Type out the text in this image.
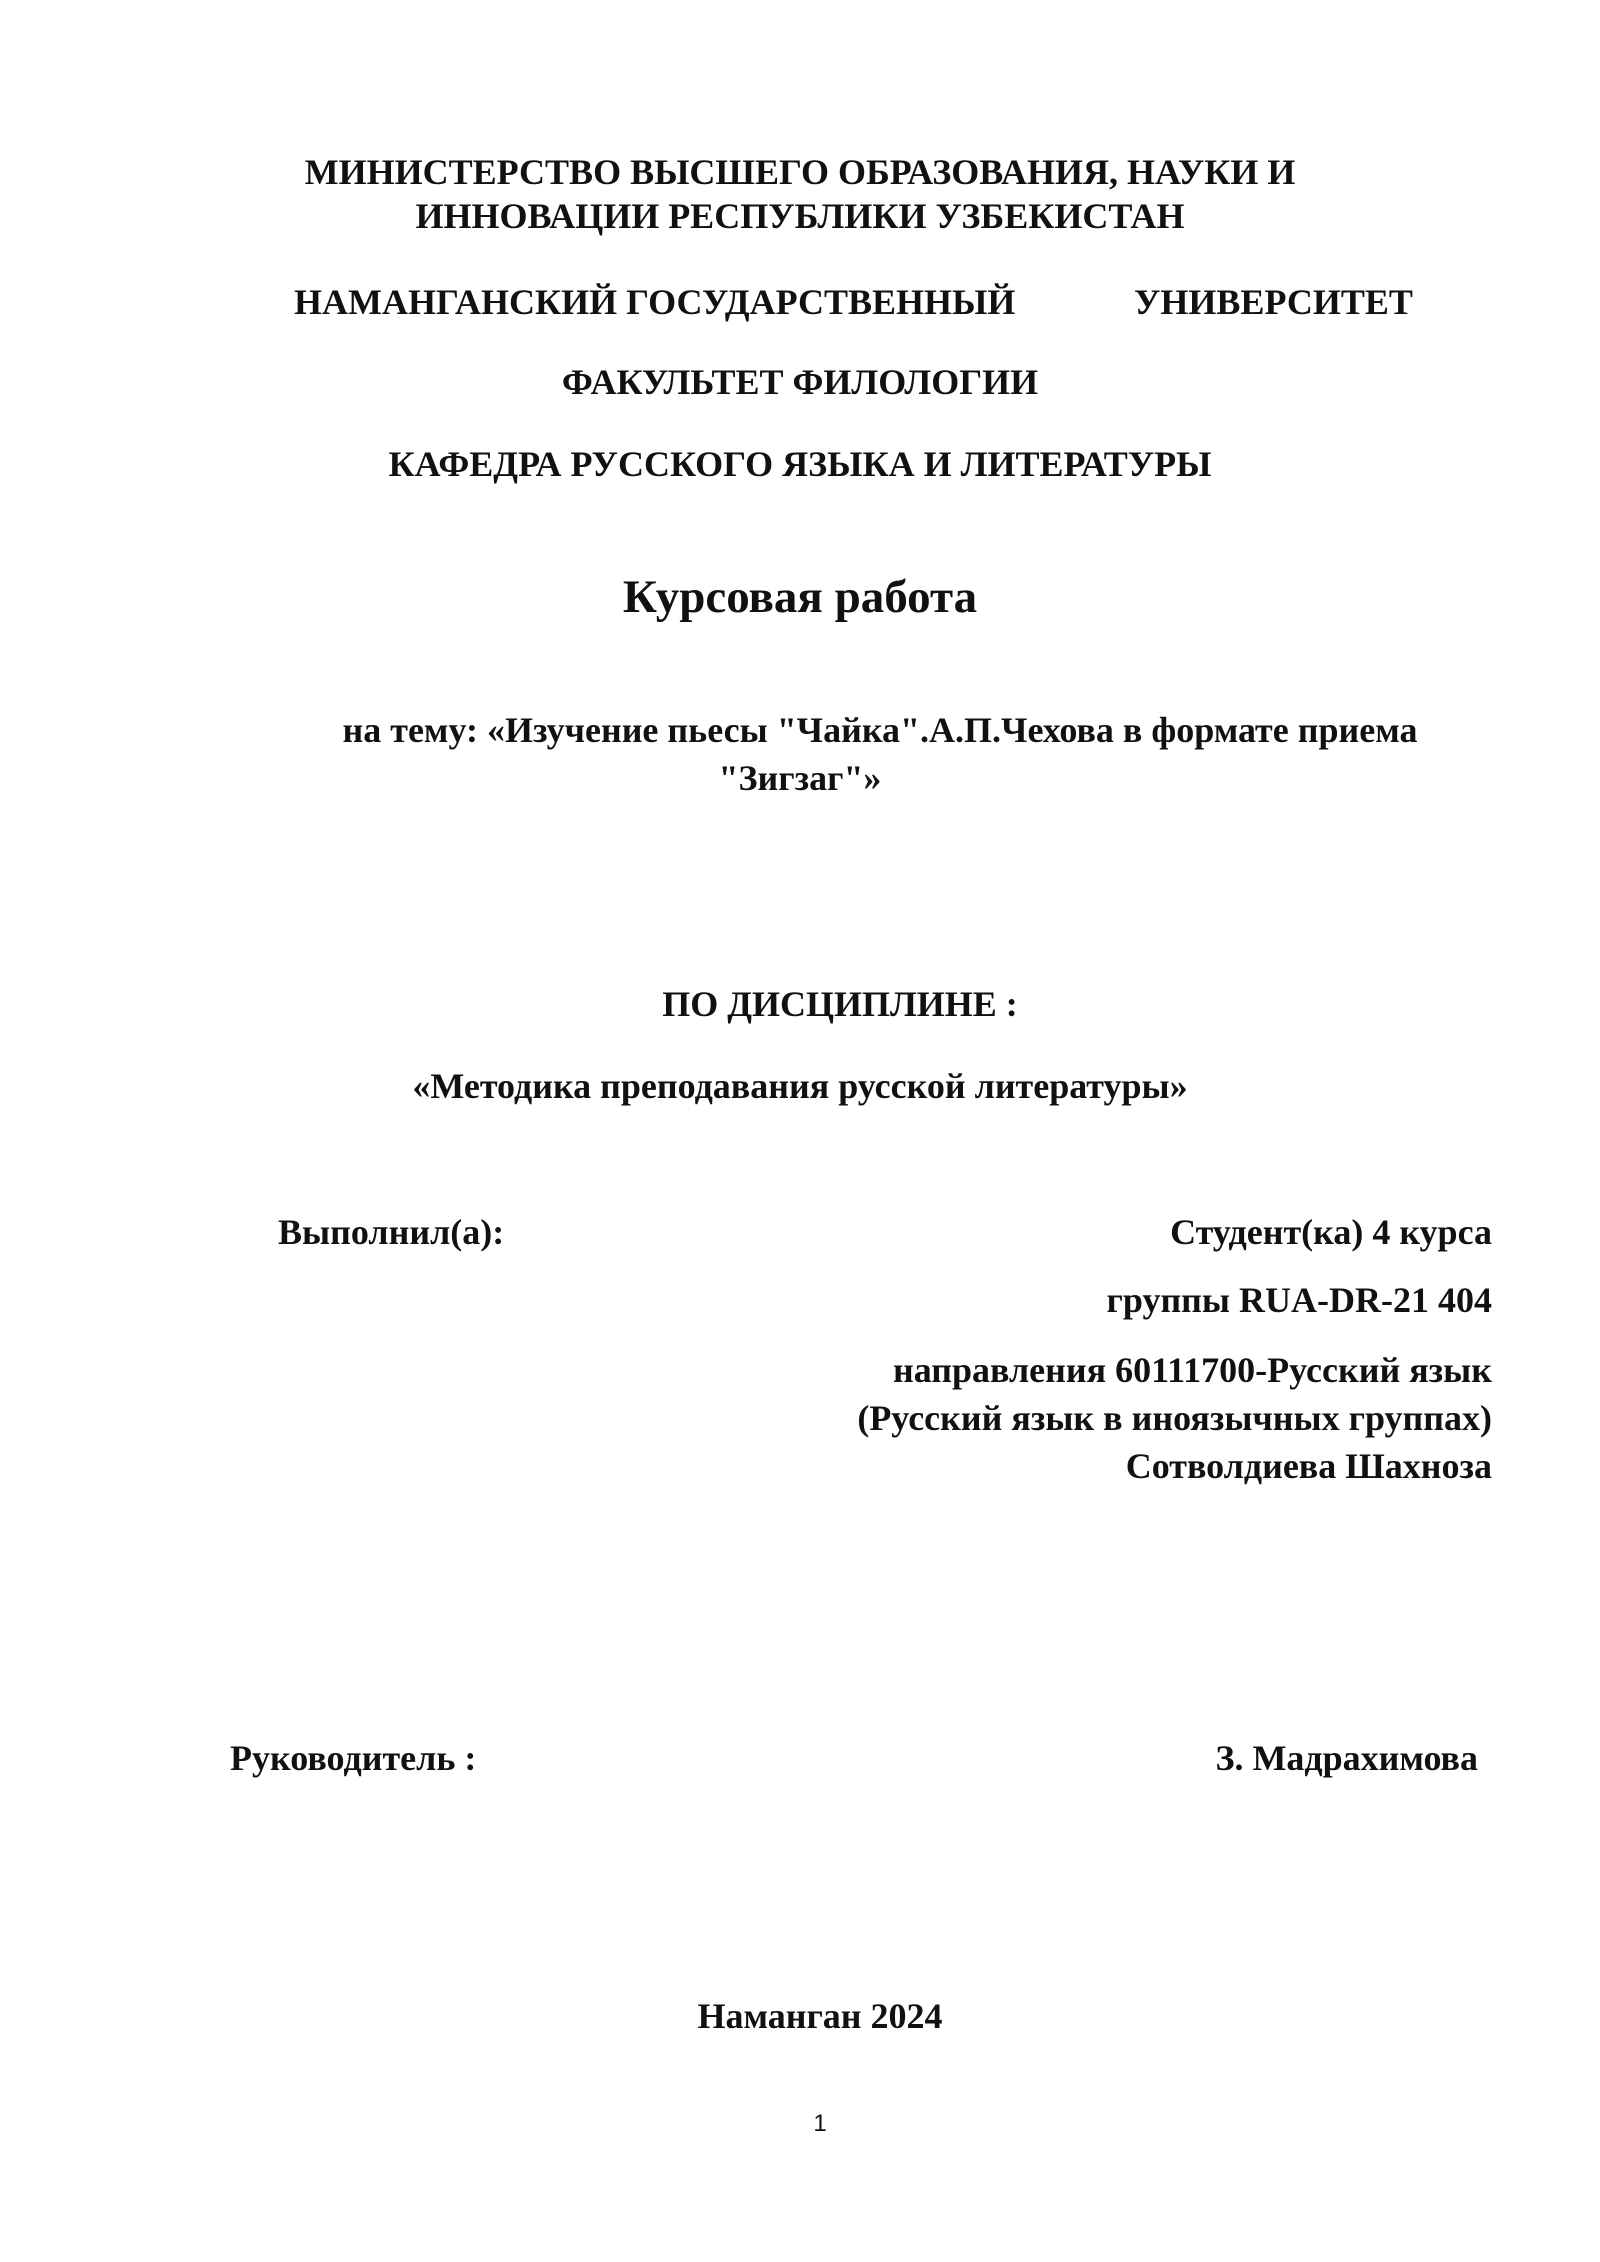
МИНИСТЕРСТВО ВЫСШЕГО ОБРАЗОВАНИЯ, НАУКИ И
ИННОВАЦИИ РЕСПУБЛИКИ УЗБЕКИСТАН
НАМАНГАНСКИЙ ГОСУДАРСТВЕННЫЙ	УНИВЕРСИТЕТ
ФАКУЛЬТЕТ ФИЛОЛОГИИ
КАФЕДРА РУССКОГО ЯЗЫКА И ЛИТЕРАТУРЫ
Курсовая работа
на тему: «Изучение пьесы "Чайка".А.П.Чехова в формате приема
"Зигзаг"»
ПО ДИСЦИПЛИНЕ :
«Методика преподавания русской литературы»
Выполнил(а):	Студент(ка) 4 курса
группы RUA-DR-21 404
направления 60111700-Русский язык
(Русский язык в иноязычных группах)
Сотволдиева Шахноза
Руководитель :	З. Мадрахимова
Наманган 2024
1
